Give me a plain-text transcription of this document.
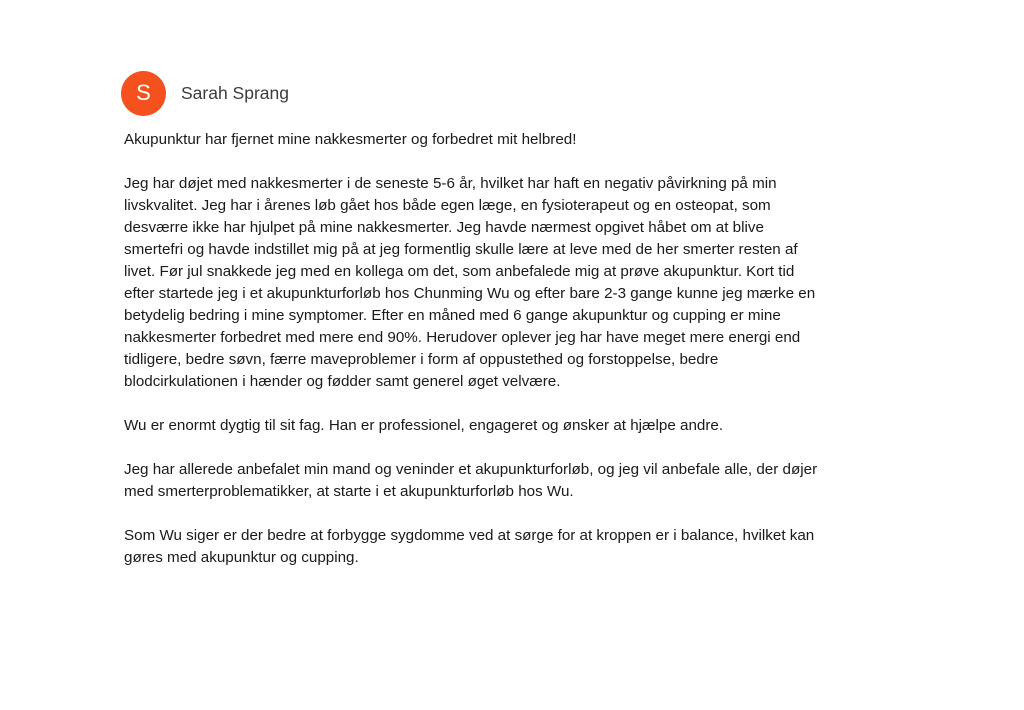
S	Sarah Sprang

Akupunktur har fjernet mine nakkesmerter og forbedret mit helbred!

Jeg har døjet med nakkesmerter i de seneste 5-6 år, hvilket har haft en negativ påvirkning på min livskvalitet. Jeg har i årenes løb gået hos både egen læge, en fysioterapeut og en osteopat, som desværre ikke har hjulpet på mine nakkesmerter. Jeg havde nærmest opgivet håbet om at blive smertefri og havde indstillet mig på at jeg formentlig skulle lære at leve med de her smerter resten af livet. Før jul snakkede jeg med en kollega om det, som anbefalede mig at prøve akupunktur. Kort tid efter startede jeg i et akupunkturforløb hos Chunming Wu og efter bare 2-3 gange kunne jeg mærke en betydelig bedring i mine symptomer. Efter en måned med 6 gange akupunktur og cupping er mine nakkesmerter forbedret med mere end 90%. Herudover oplever jeg har have meget mere energi end tidligere, bedre søvn, færre maveproblemer i form af oppustethed og forstoppelse, bedre blodcirkulationen i hænder og fødder samt generel øget velvære.

Wu er enormt dygtig til sit fag. Han er professionel, engageret og ønsker at hjælpe andre.

Jeg har allerede anbefalet min mand og veninder et akupunkturforløb, og jeg vil anbefale alle, der døjer med smerterproblematikker, at starte i et akupunkturforløb hos Wu.

Som Wu siger er der bedre at forbygge sygdomme ved at sørge for at kroppen er i balance, hvilket kan gøres med akupunktur og cupping.
